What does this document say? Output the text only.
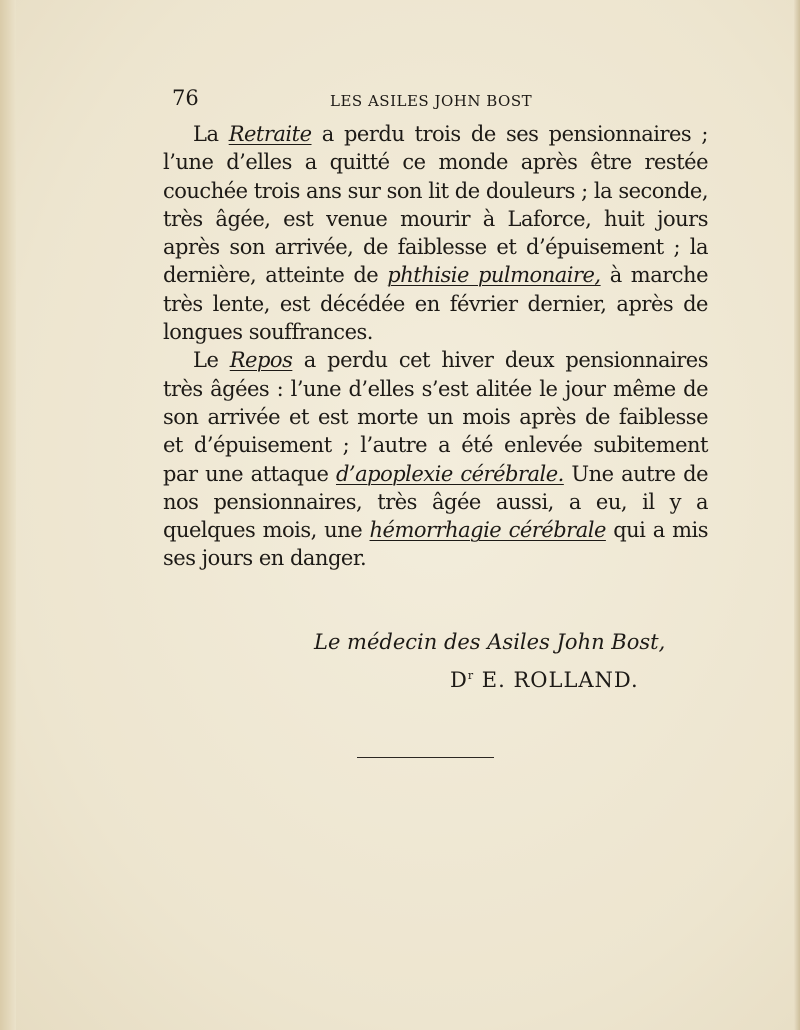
76	LES ASILES JOHN BOST

La Retraite a perdu trois de ses pensionnaires ; l’une d’elles a quitté ce monde après être restée couchée trois ans sur son lit de douleurs ; la seconde, très âgée, est venue mourir à Laforce, huit jours après son arrivée, de faiblesse et d’épuisement ; la dernière, atteinte de phthisie pulmonaire, à marche très lente, est décédée en février dernier, après de longues souffrances.

Le Repos a perdu cet hiver deux pensionnaires très âgées : l’une d’elles s’est alitée le jour même de son arrivée et est morte un mois après de faiblesse et d’épuisement ; l’autre a été enlevée subitement par une attaque d’apoplexie cérébrale. Une autre de nos pensionnaires, très âgée aussi, a eu, il y a quelques mois, une hémorrhagie cérébrale qui a mis ses jours en danger.

Le médecin des Asiles John Bost,
$D^r$ E. ROLLAND.
